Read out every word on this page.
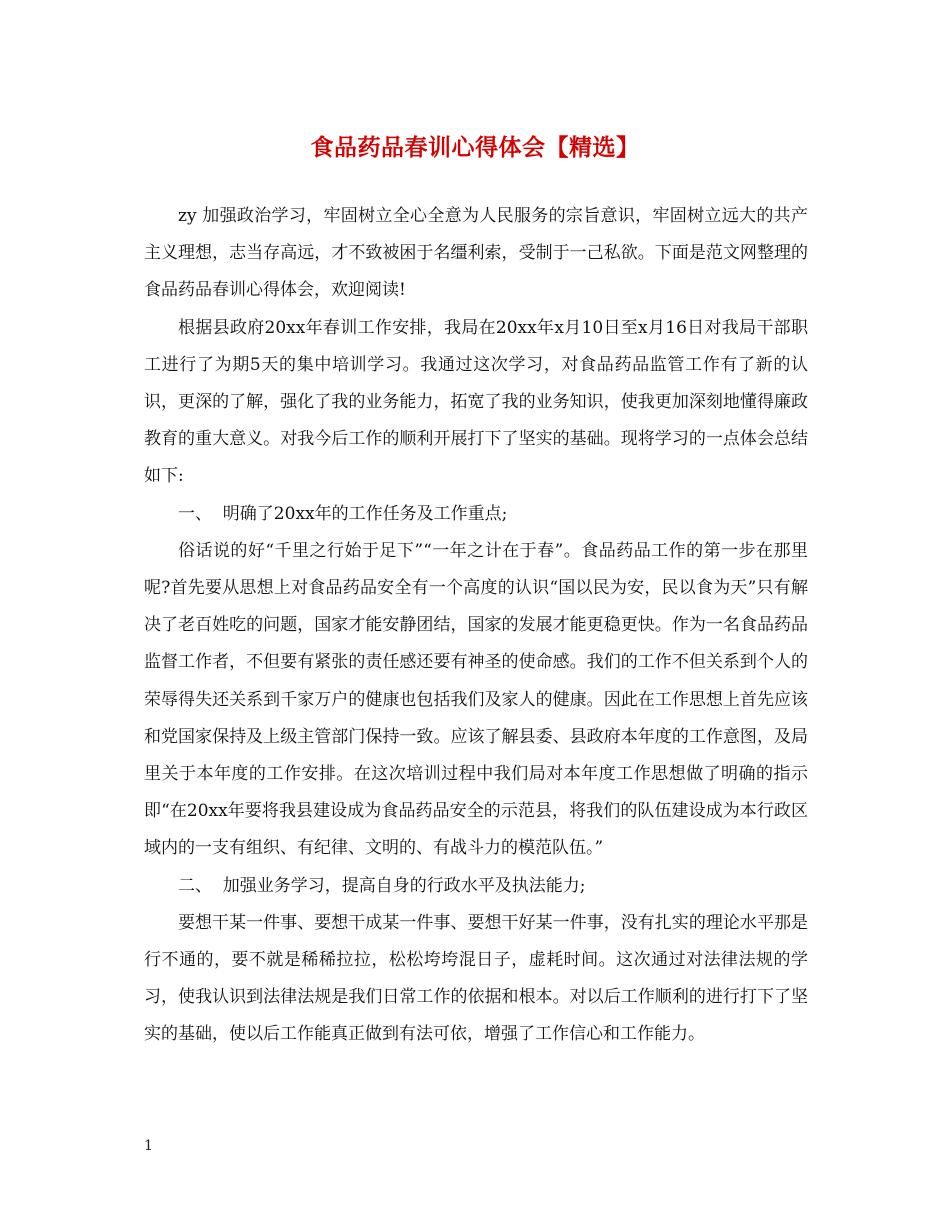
食品药品春训心得体会【精选】

zy 加强政治学习，牢固树立全心全意为人民服务的宗旨意识，牢固树立远大的共产主义理想，志当存高远，才不致被困于名缰利索，受制于一己私欲。下面是范文网整理的食品药品春训心得体会，欢迎阅读!

根据县政府20xx年春训工作安排，我局在20xx年x月10日至x月16日对我局干部职工进行了为期5天的集中培训学习。我通过这次学习，对食品药品监管工作有了新的认识，更深的了解，强化了我的业务能力，拓宽了我的业务知识，使我更加深刻地懂得廉政教育的重大意义。对我今后工作的顺利开展打下了坚实的基础。现将学习的一点体会总结如下:

一、  明确了20xx年的工作任务及工作重点;

俗话说的好“千里之行始于足下”“一年之计在于春”。食品药品工作的第一步在那里呢?首先要从思想上对食品药品安全有一个高度的认识“国以民为安，民以食为天”只有解决了老百姓吃的问题，国家才能安静团结，国家的发展才能更稳更快。作为一名食品药品监督工作者，不但要有紧张的责任感还要有神圣的使命感。我们的工作不但关系到个人的荣辱得失还关系到千家万户的健康也包括我们及家人的健康。因此在工作思想上首先应该和党国家保持及上级主管部门保持一致。应该了解县委、县政府本年度的工作意图，及局里关于本年度的工作安排。在这次培训过程中我们局对本年度工作思想做了明确的指示即“在20xx年要将我县建设成为食品药品安全的示范县，将我们的队伍建设成为本行政区域内的一支有组织、有纪律、文明的、有战斗力的模范队伍。”

二、  加强业务学习，提高自身的行政水平及执法能力;

要想干某一件事、要想干成某一件事、要想干好某一件事，没有扎实的理论水平那是行不通的，要不就是稀稀拉拉，松松垮垮混日子，虚耗时间。这次通过对法律法规的学习，使我认识到法律法规是我们日常工作的依据和根本。对以后工作顺利的进行打下了坚实的基础，使以后工作能真正做到有法可依，增强了工作信心和工作能力。

1
